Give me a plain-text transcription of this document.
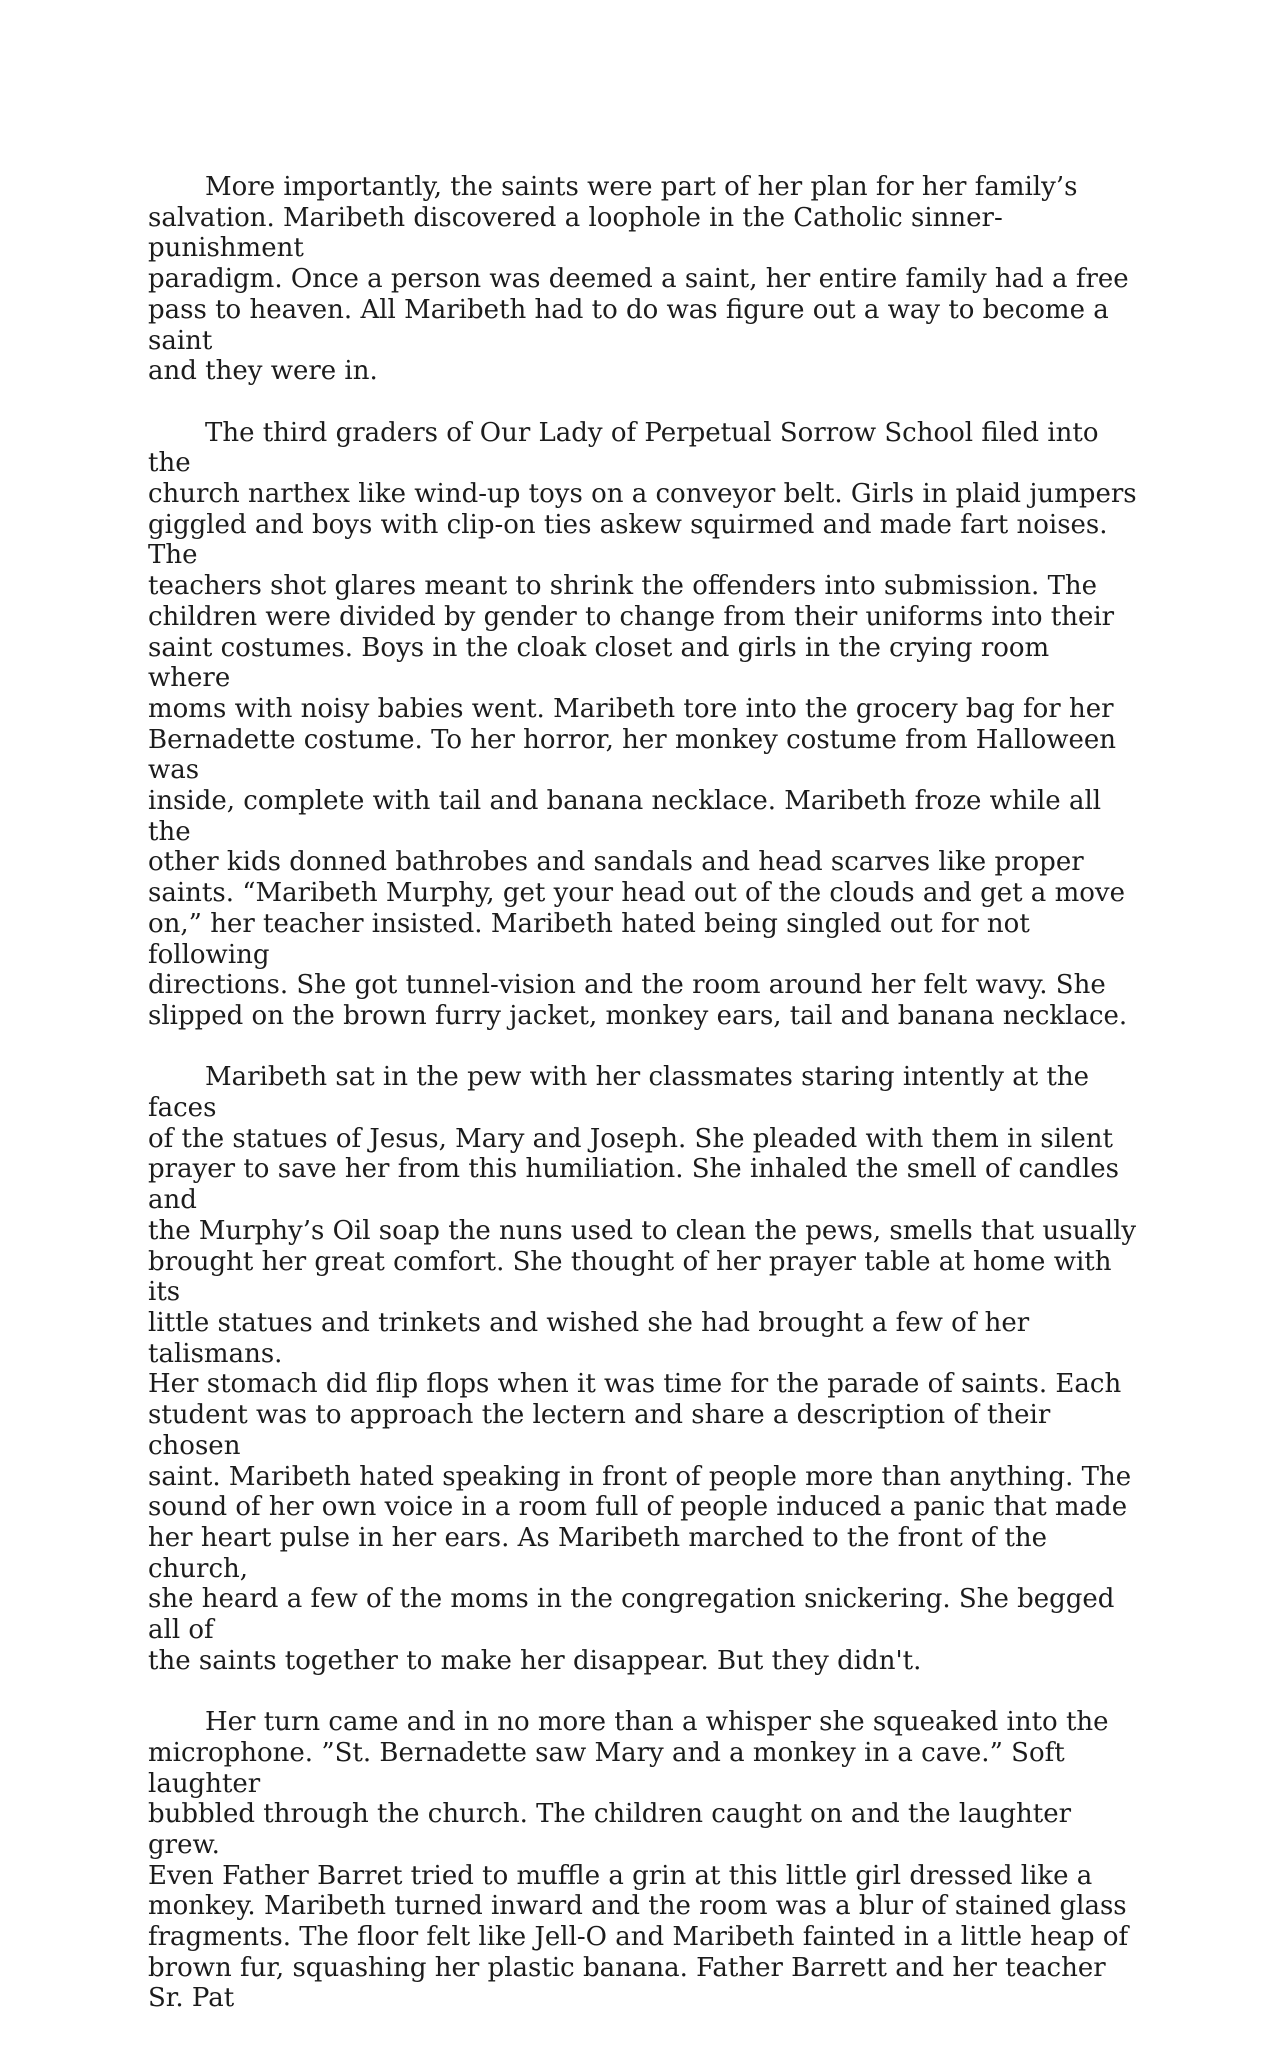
More importantly, the saints were part of her plan for her family’s
salvation. Maribeth discovered a loophole in the Catholic sinner-punishment
paradigm. Once a person was deemed a saint, her entire family had a free
pass to heaven. All Maribeth had to do was figure out a way to become a saint
and they were in.

The third graders of Our Lady of Perpetual Sorrow School filed into the
church narthex like wind-up toys on a conveyor belt. Girls in plaid jumpers
giggled and boys with clip-on ties askew squirmed and made fart noises. The
teachers shot glares meant to shrink the offenders into submission. The
children were divided by gender to change from their uniforms into their
saint costumes. Boys in the cloak closet and girls in the crying room where
moms with noisy babies went. Maribeth tore into the grocery bag for her
Bernadette costume. To her horror, her monkey costume from Halloween was
inside, complete with tail and banana necklace. Maribeth froze while all the
other kids donned bathrobes and sandals and head scarves like proper
saints. “Maribeth Murphy, get your head out of the clouds and get a move
on,” her teacher insisted. Maribeth hated being singled out for not following
directions. She got tunnel-vision and the room around her felt wavy. She
slipped on the brown furry jacket, monkey ears, tail and banana necklace.

Maribeth sat in the pew with her classmates staring intently at the faces
of the statues of Jesus, Mary and Joseph. She pleaded with them in silent
prayer to save her from this humiliation. She inhaled the smell of candles and
the Murphy’s Oil soap the nuns used to clean the pews, smells that usually
brought her great comfort. She thought of her prayer table at home with its
little statues and trinkets and wished she had brought a few of her talismans.
Her stomach did flip flops when it was time for the parade of saints. Each
student was to approach the lectern and share a description of their chosen
saint. Maribeth hated speaking in front of people more than anything. The
sound of her own voice in a room full of people induced a panic that made
her heart pulse in her ears. As Maribeth marched to the front of the church,
she heard a few of the moms in the congregation snickering. She begged all of
the saints together to make her disappear. But they didn't.

Her turn came and in no more than a whisper she squeaked into the
microphone. ”St. Bernadette saw Mary and a monkey in a cave.” Soft laughter
bubbled through the church. The children caught on and the laughter grew.
Even Father Barret tried to muffle a grin at this little girl dressed like a
monkey. Maribeth turned inward and the room was a blur of stained glass
fragments. The floor felt like Jell-O and Maribeth fainted in a little heap of
brown fur, squashing her plastic banana. Father Barrett and her teacher Sr. Pat
